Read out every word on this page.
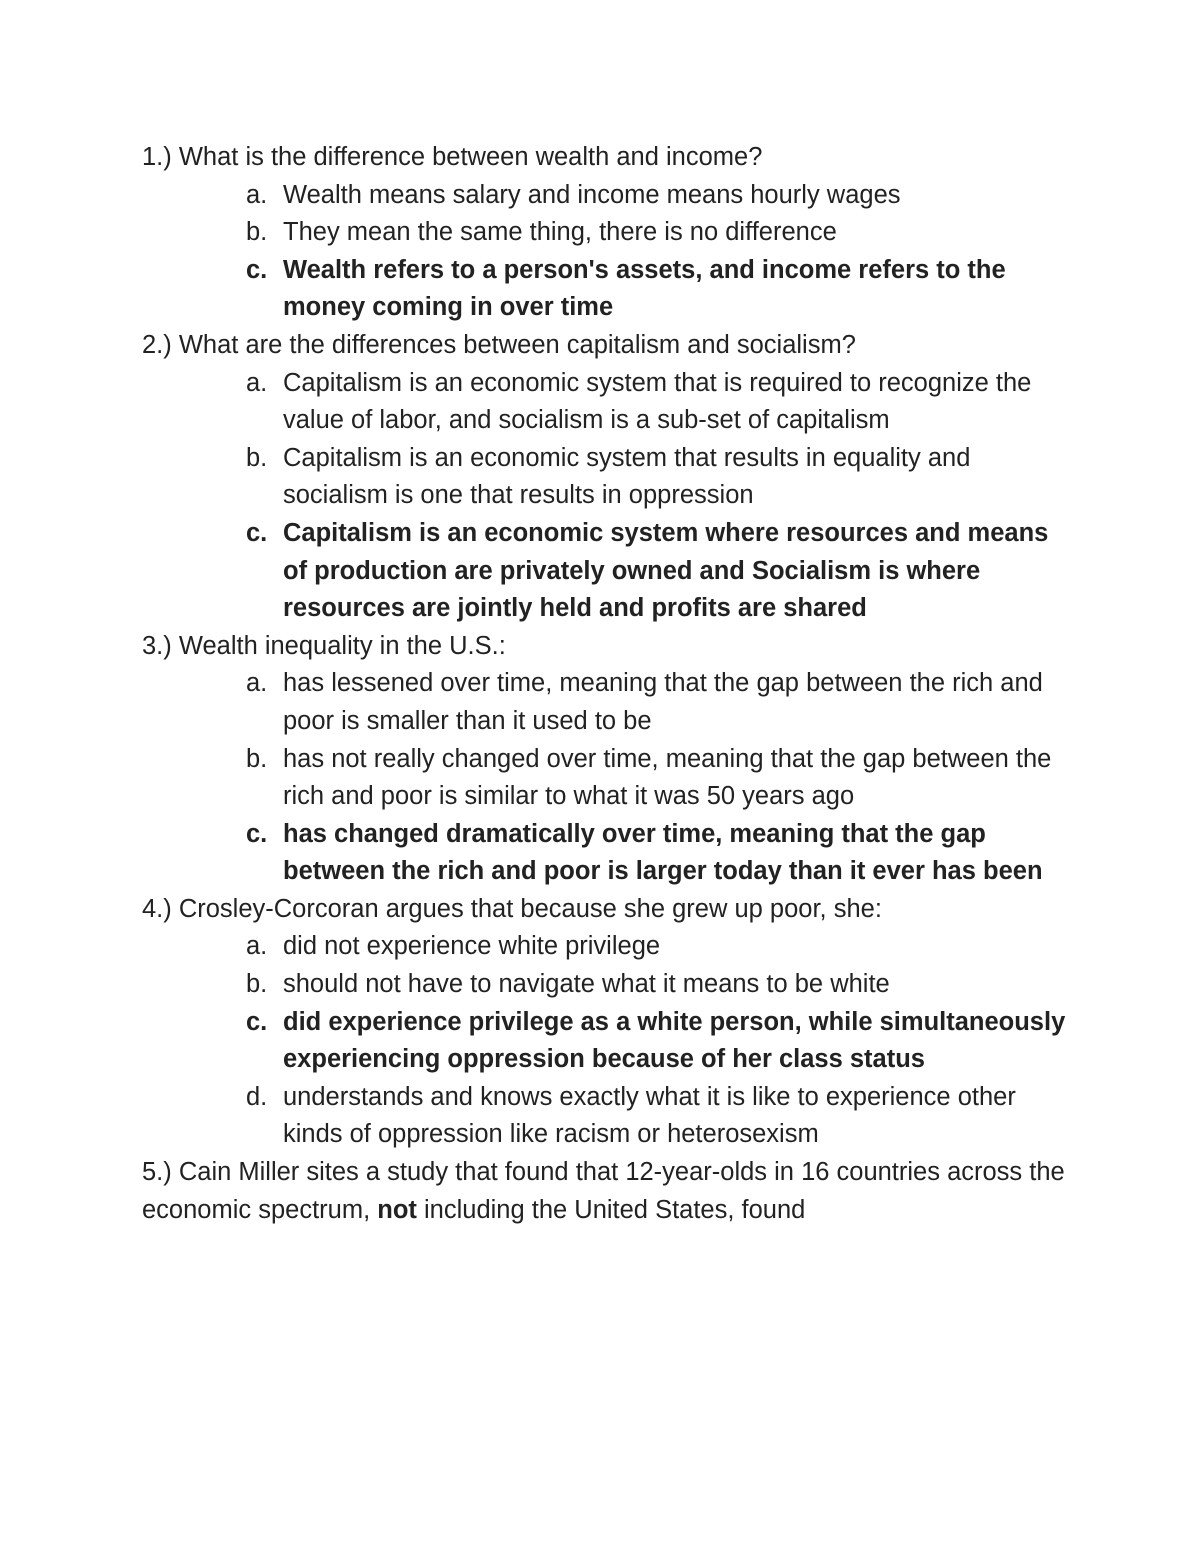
1.) What is the difference between wealth and income?

a. Wealth means salary and income means hourly wages
b. They mean the same thing, there is no difference
c. Wealth refers to a person's assets, and income refers to the money coming in over time

2.) What are the differences between capitalism and socialism?

a. Capitalism is an economic system that is required to recognize the value of labor, and socialism is a sub-set of capitalism
b. Capitalism is an economic system that results in equality and socialism is one that results in oppression
c. Capitalism is an economic system where resources and means of production are privately owned and Socialism is where resources are jointly held and profits are shared

3.) Wealth inequality in the U.S.:

a. has lessened over time, meaning that the gap between the rich and poor is smaller than it used to be
b. has not really changed over time, meaning that the gap between the rich and poor is similar to what it was 50 years ago
c. has changed dramatically over time, meaning that the gap between the rich and poor is larger today than it ever has been

4.) Crosley-Corcoran argues that because she grew up poor, she:

a. did not experience white privilege
b. should not have to navigate what it means to be white
c. did experience privilege as a white person, while simultaneously experiencing oppression because of her class status
d. understands and knows exactly what it is like to experience other kinds of oppression like racism or heterosexism

5.) Cain Miller sites a study that found that 12-year-olds in 16 countries across the economic spectrum, not including the United States, found
